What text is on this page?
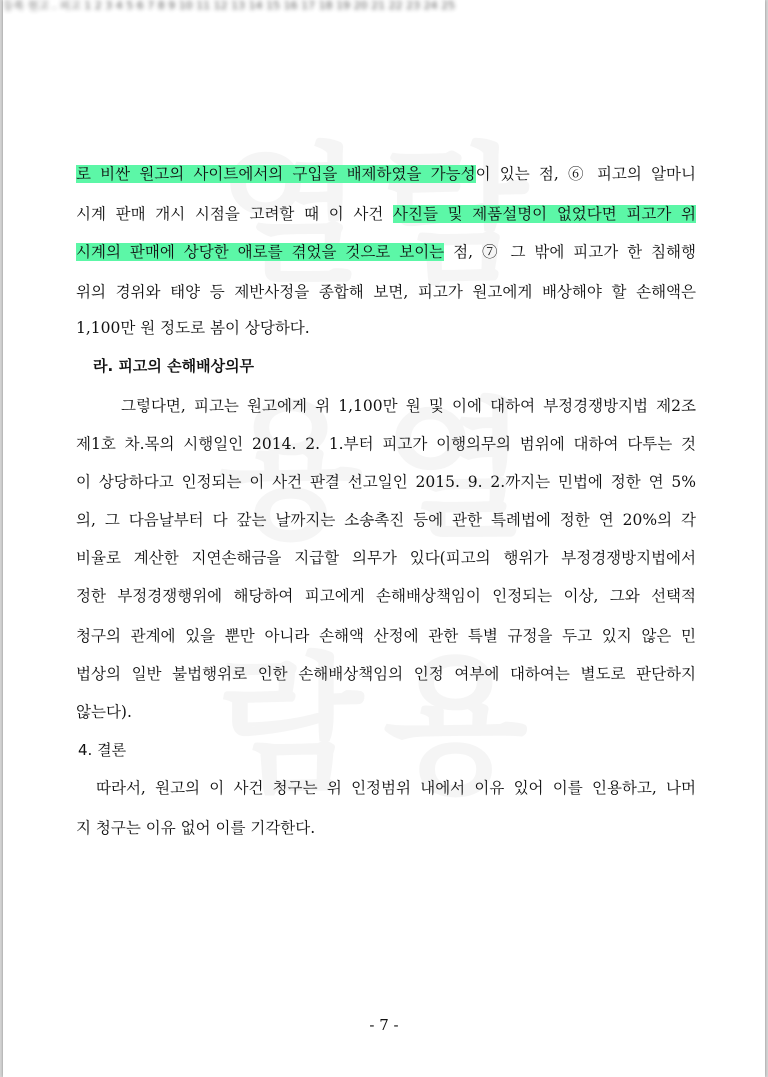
등록 원고 . 피고 1 2 3 4 5 6 7 8 9 10 11 12 13 14 15 16 17 18 19 20 21 22 23 24 25
로 비싼 원고의 사이트에서의 구입을 배제하였을 가능성이 있는 점, ⑥ 피고의 알마니
시계 판매 개시 시점을 고려할 때 이 사건 사진들 및 제품설명이 없었다면 피고가 위
시계의 판매에 상당한 애로를 겪었을 것으로 보이는 점, ⑦ 그 밖에 피고가 한 침해행
위의 경위와 태양 등 제반사정을 종합해 보면, 피고가 원고에게 배상해야 할 손해액은
1,100만 원 정도로 봄이 상당하다.
라. 피고의 손해배상의무
그렇다면, 피고는 원고에게 위 1,100만 원 및 이에 대하여 부정경쟁방지법 제2조
제1호 차.목의 시행일인 2014. 2. 1.부터 피고가 이행의무의 범위에 대하여 다투는 것
이 상당하다고 인정되는 이 사건 판결 선고일인 2015. 9. 2.까지는 민법에 정한 연 5%
의, 그 다음날부터 다 갚는 날까지는 소송촉진 등에 관한 특례법에 정한 연 20%의 각
비율로 계산한 지연손해금을 지급할 의무가 있다(피고의 행위가 부정경쟁방지법에서
정한 부정경쟁행위에 해당하여 피고에게 손해배상책임이 인정되는 이상, 그와 선택적
청구의 관계에 있을 뿐만 아니라 손해액 산정에 관한 특별 규정을 두고 있지 않은 민
법상의 일반 불법행위로 인한 손해배상책임의 인정 여부에 대하여는 별도로 판단하지
않는다).
4. 결론
따라서, 원고의 이 사건 청구는 위 인정범위 내에서 이유 있어 이를 인용하고, 나머
지 청구는 이유 없어 이를 기각한다.
- 7 -
